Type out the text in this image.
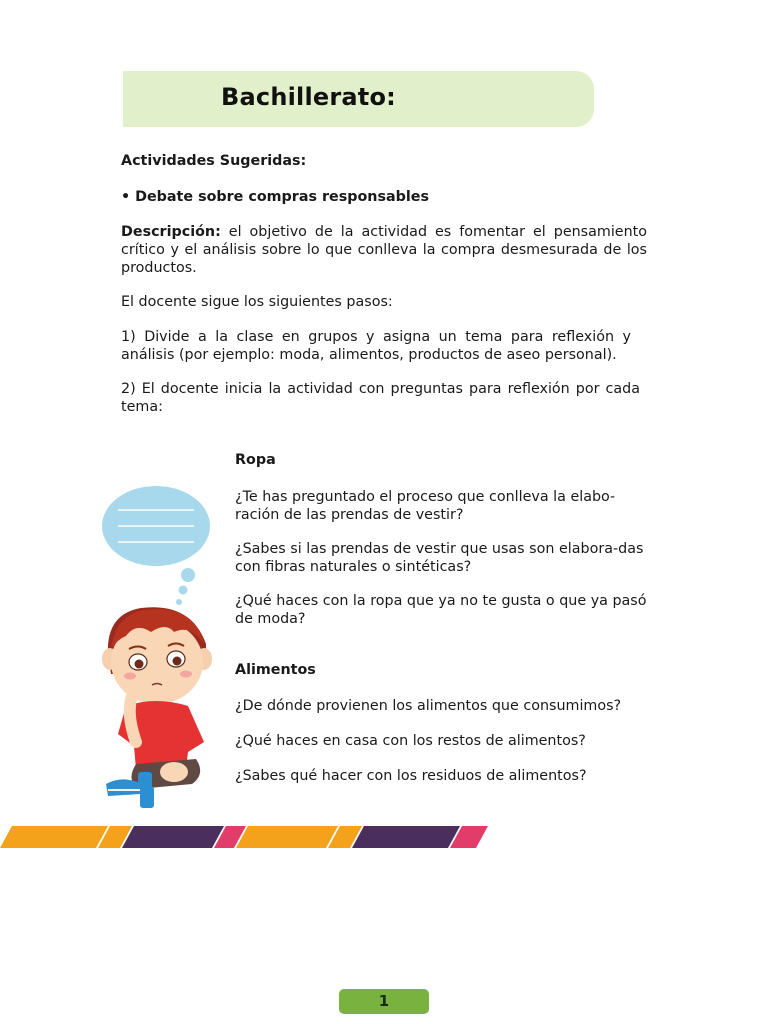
Bachillerato:

Actividades Sugeridas:

• Debate sobre compras responsables

Descripción: el objetivo de la actividad es fomentar el pensamiento crítico y el análisis sobre lo que conlleva la compra desmesurada de los productos.

El docente sigue los siguientes pasos:

1) Divide a la clase en grupos y asigna un tema para reflexión y análisis (por ejemplo: moda, alimentos, productos de aseo personal).

2) El docente inicia la actividad con preguntas para reflexión por cada tema:

Ropa

¿Te has preguntado el proceso que conlleva la elabo-ración de las prendas de vestir?

¿Sabes si las prendas de vestir que usas son elabora-das con fibras naturales o sintéticas?

¿Qué haces con la ropa que ya no te gusta o que ya pasó de moda?

Alimentos

¿De dónde provienen los alimentos que consumimos?

¿Qué haces en casa con los restos de alimentos?

¿Sabes qué hacer con los residuos de alimentos?

1
